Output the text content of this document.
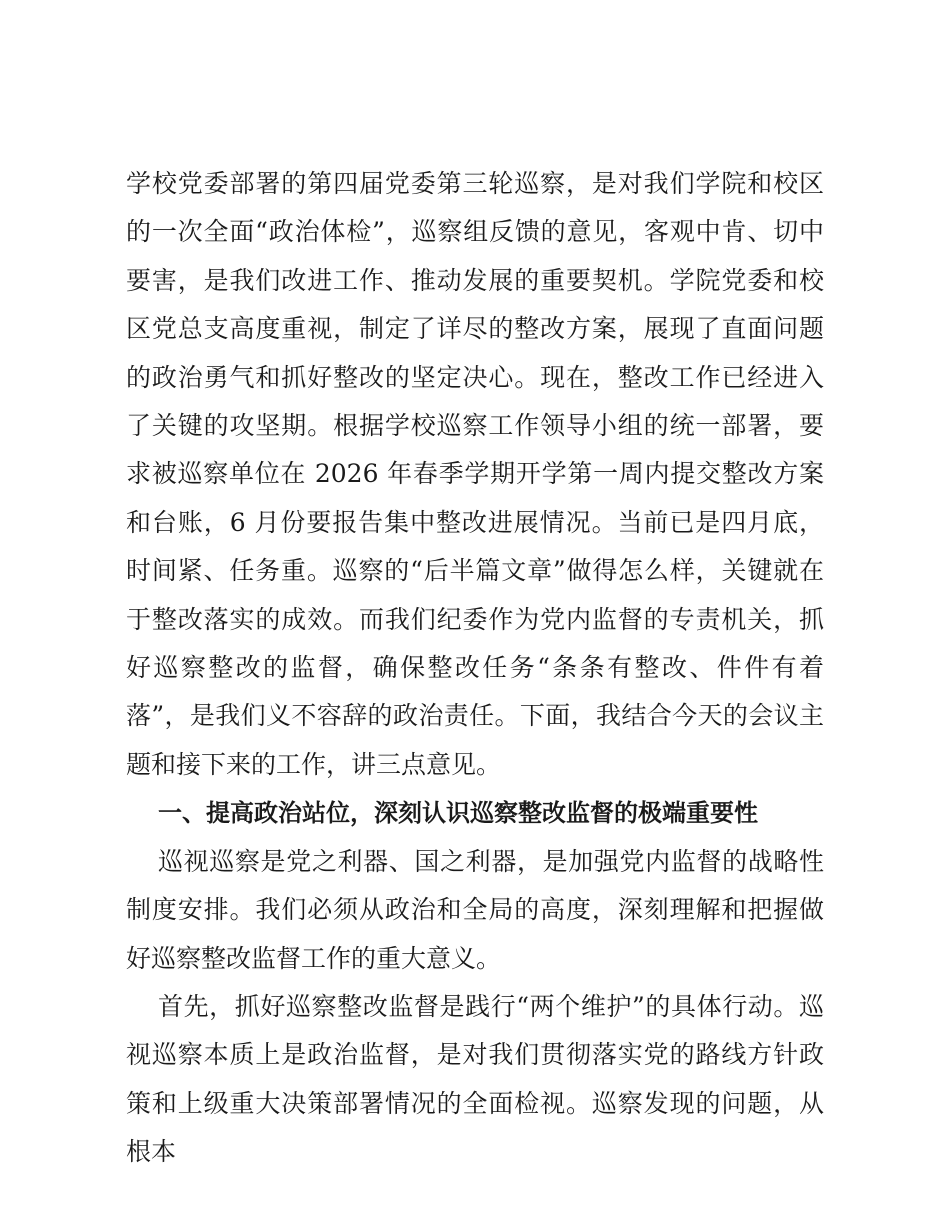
学校党委部署的第四届党委第三轮巡察，是对我们学院和校区的一次全面“政治体检”，巡察组反馈的意见，客观中肯、切中要害，是我们改进工作、推动发展的重要契机。学院党委和校区党总支高度重视，制定了详尽的整改方案，展现了直面问题的政治勇气和抓好整改的坚定决心。现在，整改工作已经进入了关键的攻坚期。根据学校巡察工作领导小组的统一部署，要求被巡察单位在 2026 年春季学期开学第一周内提交整改方案和台账，6 月份要报告集中整改进展情况。当前已是四月底，时间紧、任务重。巡察的“后半篇文章”做得怎么样，关键就在于整改落实的成效。而我们纪委作为党内监督的专责机关，抓好巡察整改的监督，确保整改任务“条条有整改、件件有着落”，是我们义不容辞的政治责任。下面，我结合今天的会议主题和接下来的工作，讲三点意见。

一、提高政治站位，深刻认识巡察整改监督的极端重要性

巡视巡察是党之利器、国之利器，是加强党内监督的战略性制度安排。我们必须从政治和全局的高度，深刻理解和把握做好巡察整改监督工作的重大意义。

首先，抓好巡察整改监督是践行“两个维护”的具体行动。巡视巡察本质上是政治监督，是对我们贯彻落实党的路线方针政策和上级重大决策部署情况的全面检视。巡察发现的问题，从根本
